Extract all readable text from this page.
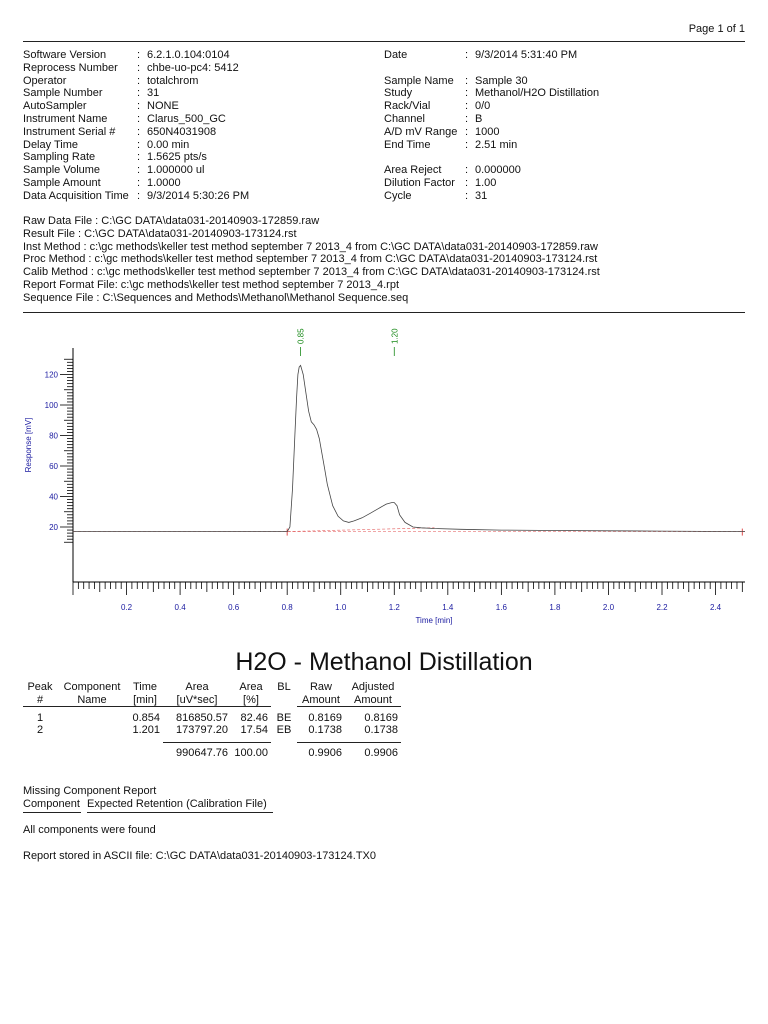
Page 1 of 1
Software Version	: 6.2.1.0.104:0104
Reprocess Number	: chbe-uo-pc4: 5412
Operator	: totalchrom
Sample Number	: 31
AutoSampler	: NONE
Instrument Name	: Clarus_500_GC
Instrument Serial #	: 650N4031908
Delay Time	: 0.00 min
Sampling Rate	: 1.5625 pts/s
Sample Volume	: 1.000000 ul
Sample Amount	: 1.0000
Data Acquisition Time : 9/3/2014 5:30:26 PM
Date	: 9/3/2014 5:31:40 PM

Sample Name	: Sample 30
Study	: Methanol/H2O Distillation
Rack/Vial	: 0/0
Channel	: B
A/D mV Range : 1000
End Time	: 2.51 min

Area Reject	: 0.000000
Dilution Factor : 1.00
Cycle	: 31
Raw Data File : C:\GC DATA\data031-20140903-172859.raw
Result File : C:\GC DATA\data031-20140903-173124.rst
Inst Method : c:\gc methods\keller test method september 7 2013_4 from C:\GC DATA\data031-20140903-172859.raw
Proc Method : c:\gc methods\keller test method september 7 2013_4 from C:\GC DATA\data031-20140903-173124.rst
Calib Method : c:\gc methods\keller test method september 7 2013_4 from C:\GC DATA\data031-20140903-173124.rst
Report Format File: c:\gc methods\keller test method september 7 2013_4.rpt
Sequence File : C:\Sequences and Methods\Methanol\Methanol Sequence.seq
20
40
60
80
100
120
0.2	0.4	0.6	0.8	1.0	1.2	1.4	1.6	1.8	2.0	2.2	2.4
Time [min]
Response [mV]
0.85	1.20
H2O - Methanol Distillation
Peak	Component	Time	Area	Area	BL	Raw	Adjusted
#	Name	[min]	[uV*sec]	[%]		Amount	Amount

1		0.854	816850.57	82.46	BE	0.8169	0.8169
2		1.201	173797.20	17.54	EB	0.1738	0.1738

			990647.76	100.00		0.9906	0.9906
Missing Component Report
Component Expected Retention (Calibration File)
All components were found
Report stored in ASCII file: C:\GC DATA\data031-20140903-173124.TX0
